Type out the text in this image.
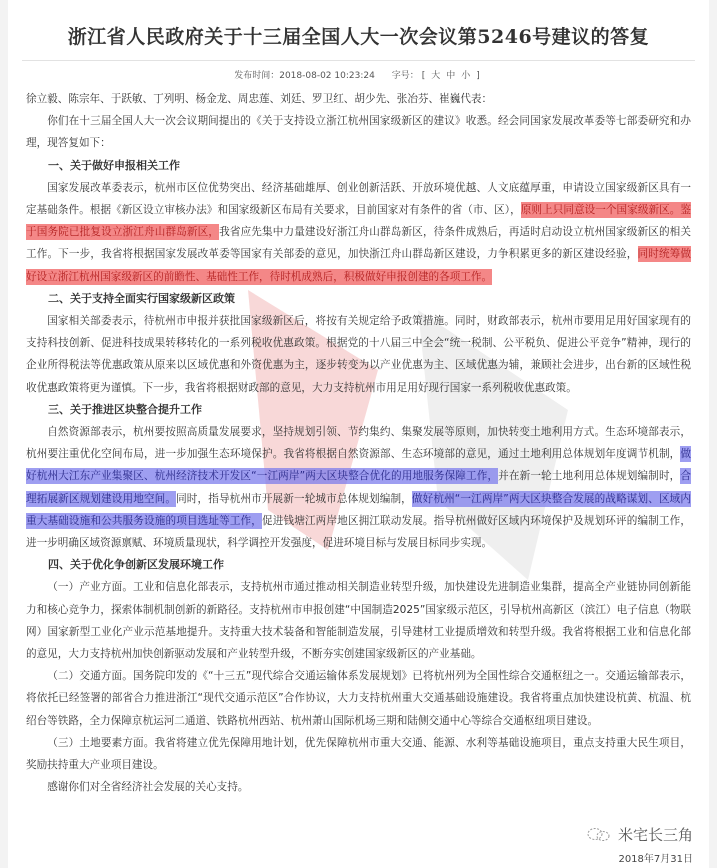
浙江省人民政府关于十三届全国人大一次会议第5246号建议的答复
发布时间：2018-08-02 10:23:24 字号： [ 大 中 小 ]

徐立毅、陈宗年、于跃敏、丁列明、杨金龙、周忠莲、刘廷、罗卫红、胡少先、张冶芬、崔巍代表：

你们在十三届全国人大一次会议期间提出的《关于支持设立浙江杭州国家级新区的建议》收悉。经会同国家发展改革委等七部委研究和办理，现答复如下：

一、关于做好申报相关工作

国家发展改革委表示，杭州市区位优势突出、经济基础雄厚、创业创新活跃、开放环境优越、人文底蕴厚重，申请设立国家级新区具有一定基础条件。根据《新区设立审核办法》和国家级新区布局有关要求，目前国家对有条件的省（市、区），原则上只同意设一个国家级新区。鉴于国务院已批复设立浙江舟山群岛新区，我省应先集中力量建设好浙江舟山群岛新区，待条件成熟后，再适时启动设立杭州国家级新区的相关工作。下一步，我省将根据国家发展改革委等国家有关部委的意见，加快浙江舟山群岛新区建设，力争积累更多的新区建设经验，同时统筹做好设立浙江杭州国家级新区的前瞻性、基础性工作，待时机成熟后，积极做好申报创建的各项工作。

二、关于支持全面实行国家级新区政策

国家相关部委表示，待杭州市申报并获批国家级新区后，将按有关规定给予政策措施。同时，财政部表示，杭州市要用足用好国家现有的支持科技创新、促进科技成果转移转化的一系列税收优惠政策。根据党的十八届三中全会“统一税制、公平税负、促进公平竞争”精神，现行的企业所得税法等优惠政策从原来以区域优惠和外资优惠为主，逐步转变为以产业优惠为主、区域优惠为辅，兼顾社会进步，出台新的区域性税收优惠政策将更为谨慎。下一步，我省将根据财政部的意见，大力支持杭州市用足用好现行国家一系列税收优惠政策。

三、关于推进区块整合提升工作

自然资源部表示，杭州要按照高质量发展要求，坚持规划引领、节约集约、集聚发展等原则，加快转变土地利用方式。生态环境部表示，杭州要注重优化空间布局，进一步加强生态环境保护。我省将根据自然资源部、生态环境部的意见，通过土地利用总体规划年度调节机制，做好杭州大江东产业集聚区、杭州经济技术开发区“一江两岸”两大区块整合优化的用地服务保障工作，并在新一轮土地利用总体规划编制时，合理拓展新区规划建设用地空间。同时，指导杭州市开展新一轮城市总体规划编制，做好杭州“一江两岸”两大区块整合发展的战略谋划、区域内重大基础设施和公共服务设施的项目选址等工作，促进钱塘江两岸地区拥江联动发展。指导杭州做好区域内环境保护及规划环评的编制工作，进一步明确区域资源禀赋、环境质量现状，科学调控开发强度，促进环境目标与发展目标同步实现。

四、关于优化争创新区发展环境工作

（一）产业方面。工业和信息化部表示，支持杭州市通过推动相关制造业转型升级，加快建设先进制造业集群，提高全产业链协同创新能力和核心竞争力，探索体制机制创新的新路径。支持杭州市申报创建“中国制造2025”国家级示范区，引导杭州高新区（滨江）电子信息（物联网）国家新型工业化产业示范基地提升。支持重大技术装备和智能制造发展，引导建材工业提质增效和转型升级。我省将根据工业和信息化部的意见，大力支持杭州加快创新驱动发展和产业转型升级，不断夯实创建国家级新区的产业基础。

（二）交通方面。国务院印发的《“十三五”现代综合交通运输体系发展规划》已将杭州列为全国性综合交通枢纽之一。交通运输部表示，将依托已经签署的部省合力推进浙江“现代交通示范区”合作协议，大力支持杭州重大交通基础设施建设。我省将重点加快建设杭黄、杭温、杭绍台等铁路，全力保障京杭运河二通道、铁路杭州西站、杭州萧山国际机场三期和陆侧交通中心等综合交通枢纽项目建设。

（三）土地要素方面。我省将建立优先保障用地计划，优先保障杭州市重大交通、能源、水利等基础设施项目，重点支持重大民生项目，奖励扶持重大产业项目建设。

感谢你们对全省经济社会发展的关心支持。

米宅长三角
2018年7月31日
